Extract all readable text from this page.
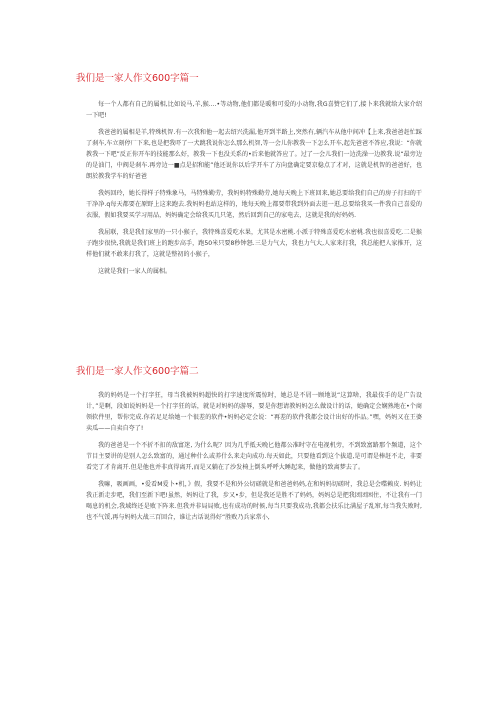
我们是一家人作文600字篇一

每一个人都有自己的属相,比如说马,羊,猴....•等动物,他们都是暖和可爱的小动物,我G喜赞它们了,接卜来我就给大家介绍一下吧!

我爸爸的属相是羊,特殊机智.有一次我和他一起去绍兴洗漏,他开到半路上,突然有,辆汽车从他中间冲【上来,我爸爸赶忙踩了刹车,车立刻停厂下来,也是把我吓了一犬跳我说你怎么那么机智,等一会儿你教我一下怎么开车,起先爸爸不答应,我说：“你就教我一下吧”反正你开车的技能那么好，教我一下也没关系的•后来他就答应了。过了一会儿我们一边洗澡一边教我.说“最旁边的是油门，中阀是刹车.再旁边一■点是招和能”他还说你以后学开车了方向盘确定要京稳点了才对，这就是机智的爸爸好，也朗於教我学车的好爸爸

我妈回玲，她长得样子特殊象马，马特殊勤劳，我妈妈特殊勤劳,她每天晚上下班回来,她总要给我们自己的房子打扫的干干净净.q每天都要在原野上这来跑去.我妈妈也站这样的，地每天晚上都要带我到外面去逛一逛,总要给我买一件我自己喜爱的衣服，假如我要买学习用品，妈妈确定会给我买几只笔，然后回到自己的家电去，这就是我的好妈妈.

我屈联，我是我们家里的一只小猴子，我特殊喜爱吃水果，尤其是水密桃.小派于特殊喜爱吃水密桃.我也很喜爱吃.二是猴子跑步很快,我就是我们班上的跑步高手，跑50米只要8秒钟怒.三是力气大，我也力气大,人家来打我，我总能把人家推开，这样他们就不敢来打我了，这就是整初的小猴子，

这就是我们一家人的属相。

我们是一家人作文600字篇二

我的妈妈是一个打字狂，母当我被妈妈超快的打字速度所震惊时，她总是不屑一顾地说“这算啥，我最伎手的是广告设计，”是啊，段如说妈妈是一个打字狂的话，就是对妈妈的游辱，要是你想请教妈妈怎么做设计的话，她确定会娴熟地在•个商领软件里，帮你完成.你若足足给她一个很差的软件•妈妈必定会说：“再差的软件我都会设计出好的作品。”嘿，妈妈又在王婆卖瓜——自卖自夸了!

我的爸爸是一个不折不扣的敌富迷, 为什么呢？因为几乎抵天晚匕他都公准时守在电视机旁，不到致富路那个频道，这个节目主要讲的是别人怎么致富的，通过种什么或养什么来走向成功.每天如此，只要他看到这个拔道,是可谓是棒赶不走，非要看完了才肯离开.但是他也并非真得离开,而是又躺在了沙发椅上倒头呼呼大睡起来，做他的致离梦去了。

我嘛，吸画画，•爱看M爱卜•机，》假，我要不是和外公切磋就是和爸爸妈妈,在和妈妈切磋时，我总是会喋赖皮. 妈妈让我正新走步吧，我们至新下吧!虽然，妈妈让了我，步又•步，但是我还是胜不了妈妈，妈妈总是把我团团困住，不让我有一门喝息的机会,我域终还是败下阵来.但我并非局局败,也有成功的时候,每当只要我成功,我都会扶乐比满屋子乱窜,每当我失败时,也不气馁,再与妈妈大战三百回合，谁让古话说得好“胜败乃兵家常小,
